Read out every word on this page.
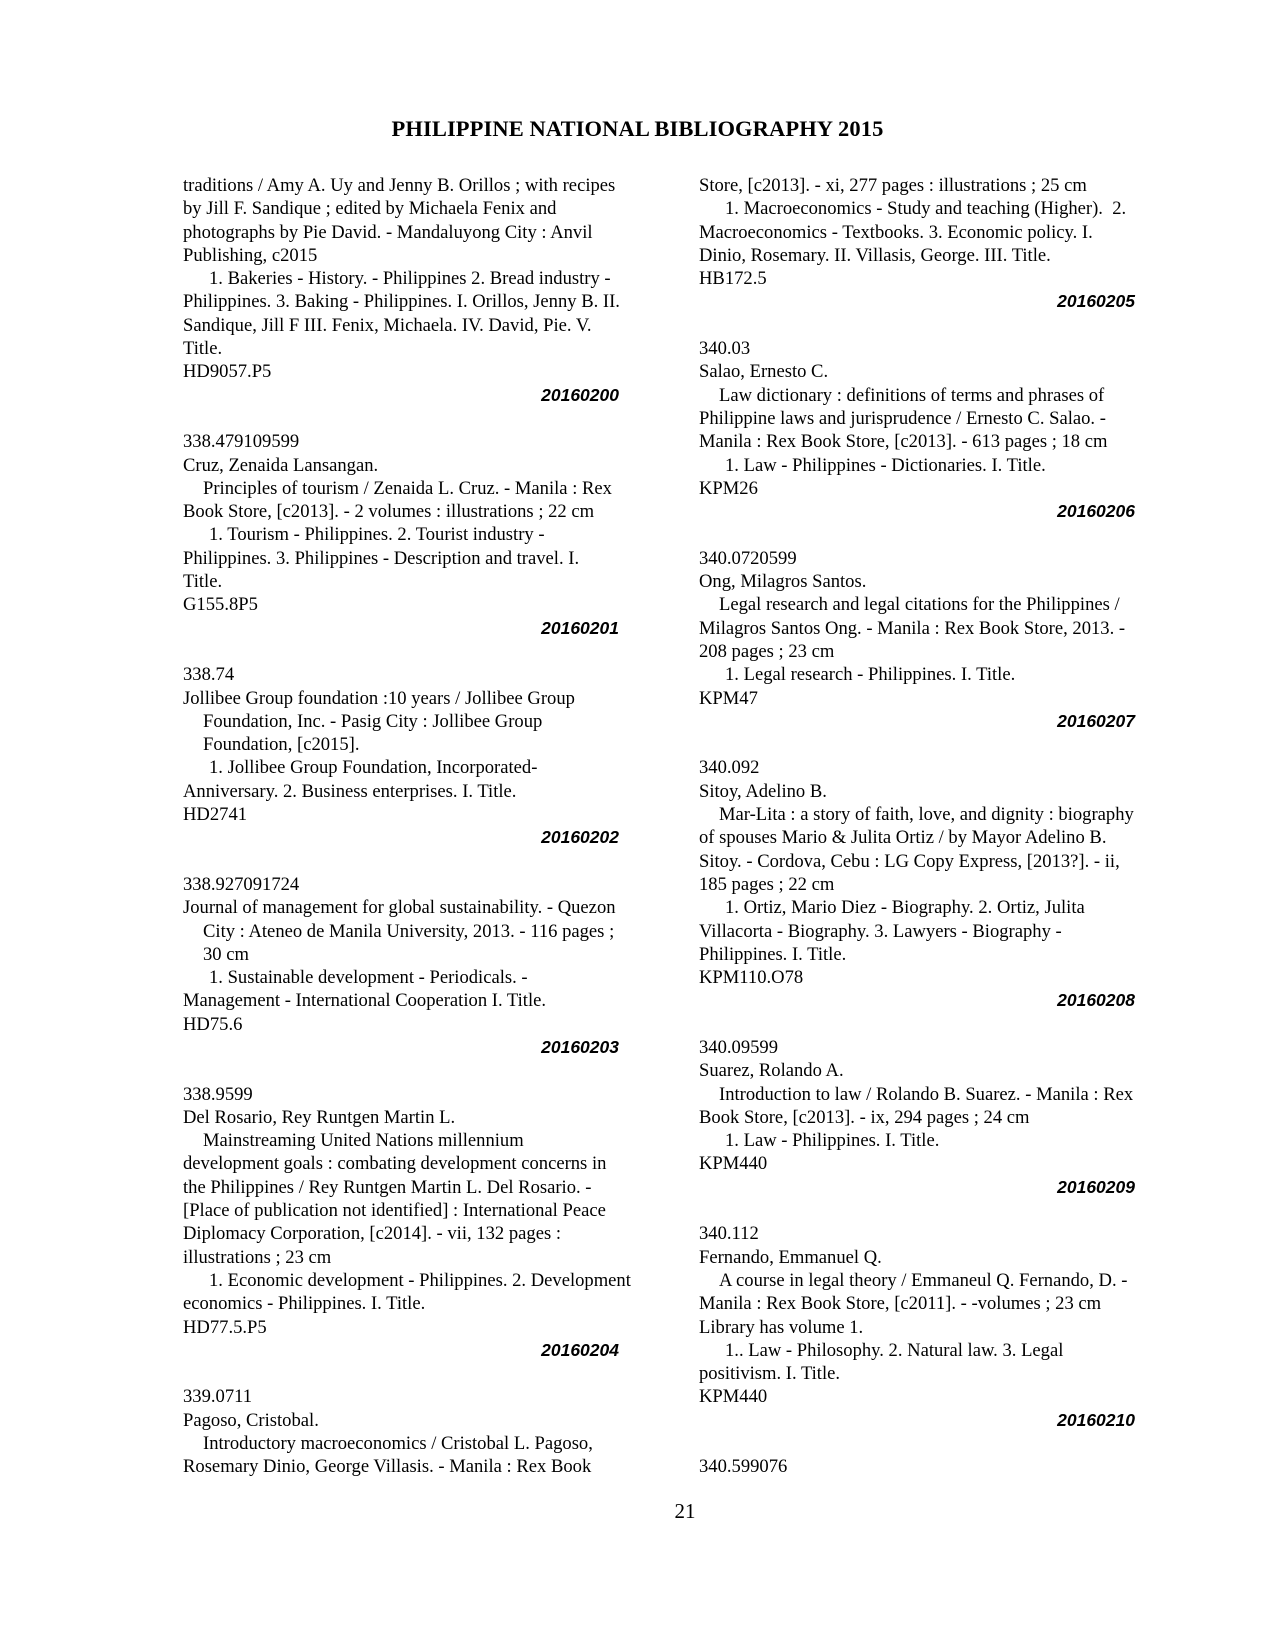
PHILIPPINE NATIONAL BIBLIOGRAPHY 2015
traditions / Amy A. Uy and Jenny B. Orillos ; with recipes
by Jill F. Sandique ; edited by Michaela Fenix and
photographs by Pie David. - Mandaluyong City : Anvil
Publishing, c2015
1. Bakeries - History. - Philippines 2. Bread industry -
Philippines. 3. Baking - Philippines. I. Orillos, Jenny B. II.
Sandique, Jill F III. Fenix, Michaela. IV. David, Pie. V.
Title.
HD9057.P5
20160200
338.479109599
Cruz, Zenaida Lansangan.
Principles of tourism / Zenaida L. Cruz. - Manila : Rex
Book Store, [c2013]. - 2 volumes : illustrations ; 22 cm
1. Tourism - Philippines. 2. Tourist industry -
Philippines. 3. Philippines - Description and travel. I.
Title.
G155.8P5
20160201
338.74
Jollibee Group foundation :10 years / Jollibee Group
Foundation, Inc. - Pasig City : Jollibee Group
Foundation, [c2015].
1. Jollibee Group Foundation, Incorporated-
Anniversary. 2. Business enterprises. I. Title.
HD2741
20160202
338.927091724
Journal of management for global sustainability. - Quezon
City : Ateneo de Manila University, 2013. - 116 pages ;
30 cm
1. Sustainable development - Periodicals. -
Management - International Cooperation I. Title.
HD75.6
20160203
338.9599
Del Rosario, Rey Runtgen Martin L.
Mainstreaming United Nations millennium
development goals : combating development concerns in
the Philippines / Rey Runtgen Martin L. Del Rosario. -
[Place of publication not identified] : International Peace
Diplomacy Corporation, [c2014]. - vii, 132 pages :
illustrations ; 23 cm
1. Economic development - Philippines. 2. Development
economics - Philippines. I. Title.
HD77.5.P5
20160204
339.0711
Pagoso, Cristobal.
Introductory macroeconomics / Cristobal L. Pagoso,
Rosemary Dinio, George Villasis. - Manila : Rex Book
Store, [c2013]. - xi, 277 pages : illustrations ; 25 cm
1. Macroeconomics - Study and teaching (Higher).  2.
Macroeconomics - Textbooks. 3. Economic policy. I.
Dinio, Rosemary. II. Villasis, George. III. Title.
HB172.5
20160205
340.03
Salao, Ernesto C.
Law dictionary : definitions of terms and phrases of
Philippine laws and jurisprudence / Ernesto C. Salao. -
Manila : Rex Book Store, [c2013]. - 613 pages ; 18 cm
1. Law - Philippines - Dictionaries. I. Title.
KPM26
20160206
340.0720599
Ong, Milagros Santos.
Legal research and legal citations for the Philippines /
Milagros Santos Ong. - Manila : Rex Book Store, 2013. -
208 pages ; 23 cm
1. Legal research - Philippines. I. Title.
KPM47
20160207
340.092
Sitoy, Adelino B.
Mar-Lita : a story of faith, love, and dignity : biography
of spouses Mario & Julita Ortiz / by Mayor Adelino B.
Sitoy. - Cordova, Cebu : LG Copy Express, [2013?]. - ii,
185 pages ; 22 cm
1. Ortiz, Mario Diez - Biography. 2. Ortiz, Julita
Villacorta - Biography. 3. Lawyers - Biography -
Philippines. I. Title.
KPM110.O78
20160208
340.09599
Suarez, Rolando A.
Introduction to law / Rolando B. Suarez. - Manila : Rex
Book Store, [c2013]. - ix, 294 pages ; 24 cm
1. Law - Philippines. I. Title.
KPM440
20160209
340.112
Fernando, Emmanuel Q.
A course in legal theory / Emmaneul Q. Fernando, D. -
Manila : Rex Book Store, [c2011]. - -volumes ; 23 cm
Library has volume 1.
1.. Law - Philosophy. 2. Natural law. 3. Legal
positivism. I. Title.
KPM440
20160210
340.599076
21
